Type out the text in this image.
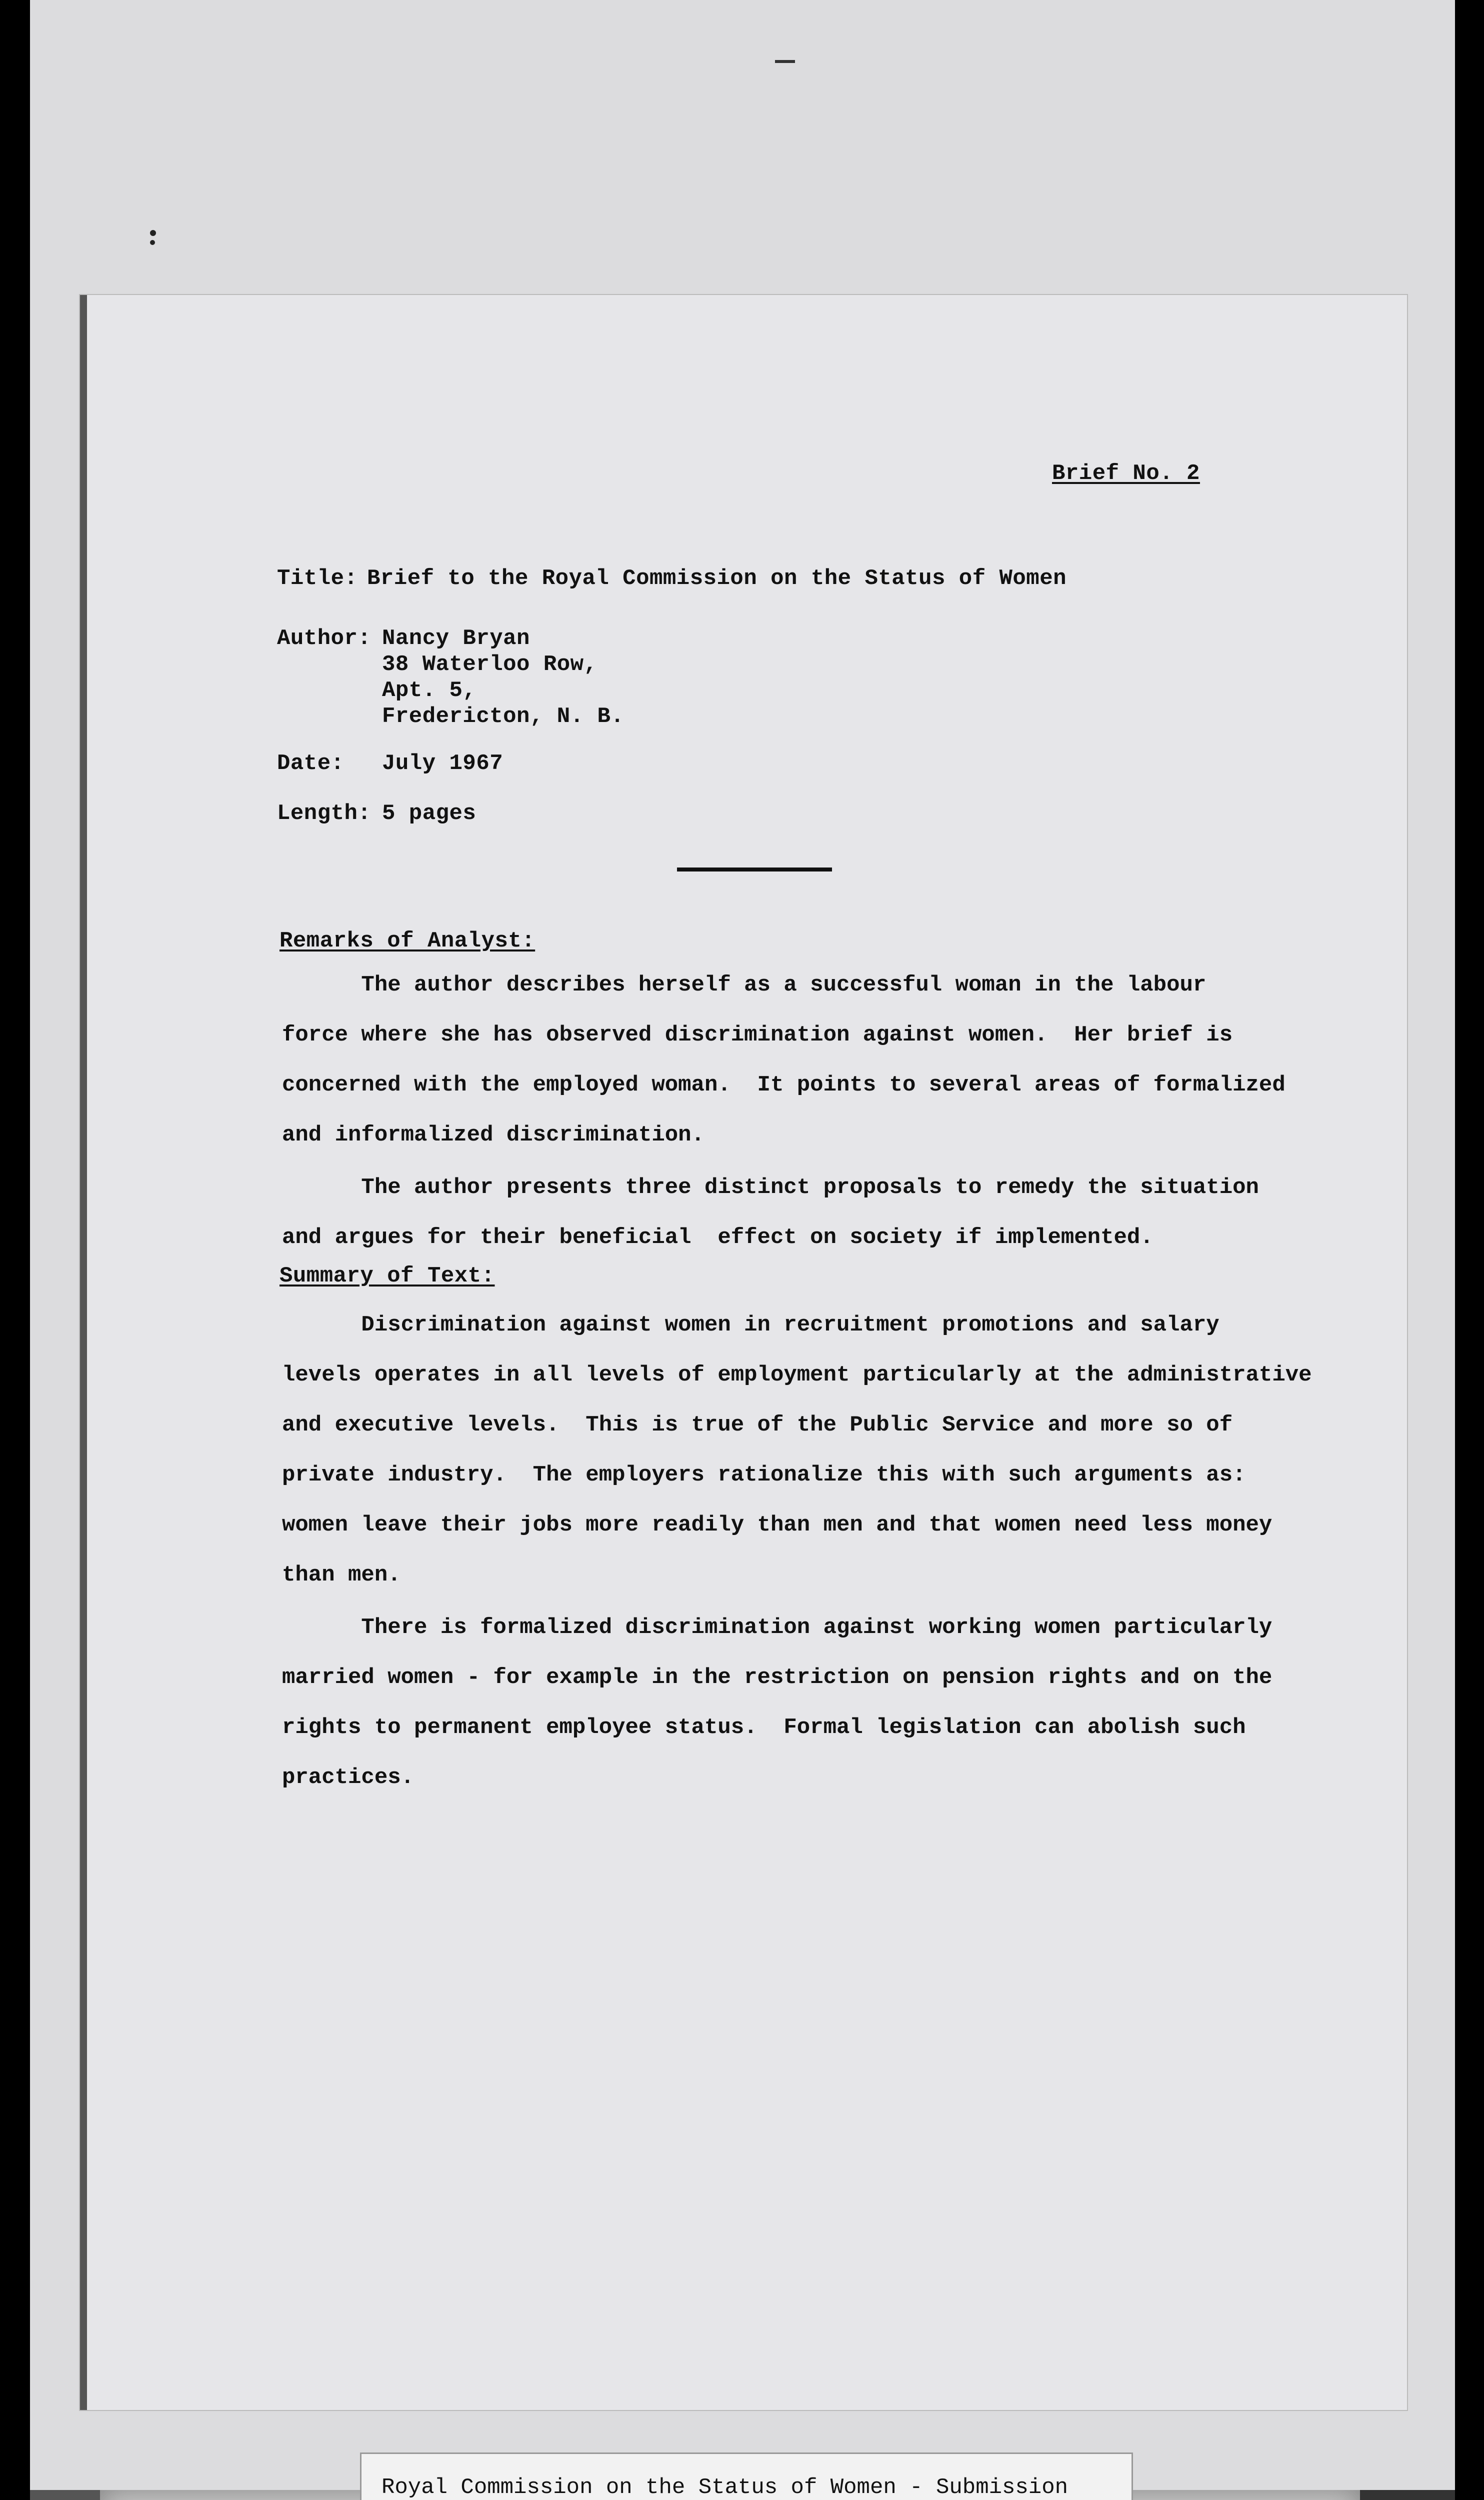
Brief No. 2

Title: Brief to the Royal Commission on the Status of Women

Author: Nancy Bryan

38 Waterloo Row,

Apt. 5,

Fredericton, N. B.

Date: July 1967

Length: 5 pages

Remarks of Analyst:

The author describes herself as a successful woman in the labour
force where she has observed discrimination against women.  Her brief is
concerned with the employed woman.  It points to several areas of formalized
and informalized discrimination.
The author presents three distinct proposals to remedy the situation
and argues for their beneficial  effect on society if implemented.

Summary of Text:

Discrimination against women in recruitment promotions and salary
levels operates in all levels of employment particularly at the administrative
and executive levels.  This is true of the Public Service and more so of
private industry.  The employers rationalize this with such arguments as:
women leave their jobs more readily than men and that women need less money
than men.
There is formalized discrimination against working women particularly
married women - for example in the restriction on pension rights and on the
rights to permanent employee status.  Formal legislation can abolish such
practices.
Royal Commission on the Status of Women - Submission
